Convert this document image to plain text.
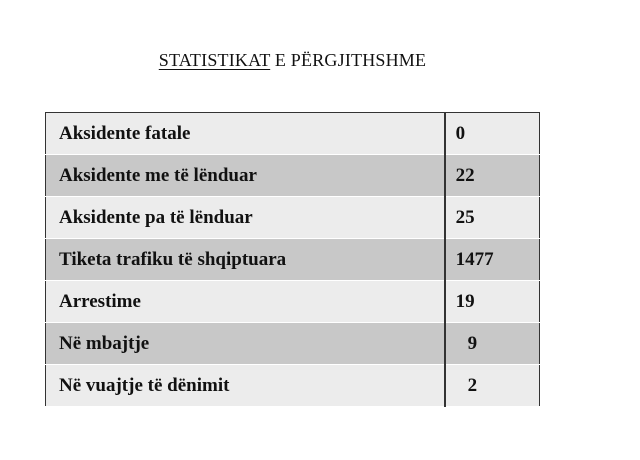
STATISTIKAT E PËRGJITHSHME
Aksidente fatale	0
Aksidente me të lënduar	22
Aksidente pa të lënduar	25
Tiketa trafiku të shqiptuara	1477
Arrestime	19
Në mbajtje	9
Në vuajtje të dënimit	2
